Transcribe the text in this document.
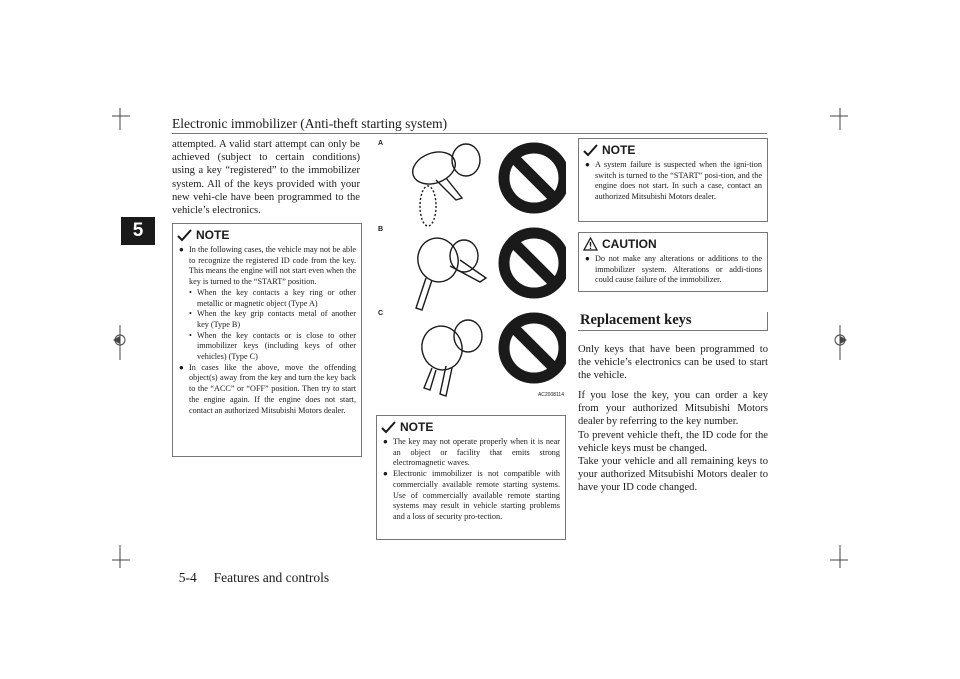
Electronic immobilizer (Anti-theft starting system)
5
attempted. A valid start attempt can only be achieved (subject to certain conditions) using a key “registered” to the immobilizer system. All of the keys provided with your new vehi-cle have been programmed to the vehicle’s electronics.
NOTE
● In the following cases, the vehicle may not be able to recognize the registered ID code from the key. This means the engine will not start even when the key is turned to the “START” position.
• When the key contacts a key ring or other metallic or magnetic object (Type A)
• When the key grip contacts metal of another key (Type B)
• When the key contacts or is close to other immobilizer keys (including keys of other vehicles) (Type C)
● In cases like the above, move the offending object(s) away from the key and turn the key back to the “ACC” or “OFF” position. Then try to start the engine again. If the engine does not start, contact an authorized Mitsubishi Motors dealer.
A
B
C
AC2008114
NOTE
● The key may not operate properly when it is near an object or facility that emits strong electromagnetic waves.
● Electronic immobilizer is not compatible with commercially available remote starting systems. Use of commercially available remote starting systems may result in vehicle starting problems and a loss of security pro-tection.
NOTE
● A system failure is suspected when the igni-tion switch is turned to the “START” posi-tion, and the engine does not start. In such a case, contact an authorized Mitsubishi Motors dealer.
CAUTION
● Do not make any alterations or additions to the immobilizer system. Alterations or addi-tions could cause failure of the immobilizer.
Replacement keys
Only keys that have been programmed to the vehicle’s electronics can be used to start the vehicle.
If you lose the key, you can order a key from your authorized Mitsubishi Motors dealer by referring to the key number.
To prevent vehicle theft, the ID code for the vehicle keys must be changed.
Take your vehicle and all remaining keys to your authorized Mitsubishi Motors dealer to have your ID code changed.

5-4 Features and controls
